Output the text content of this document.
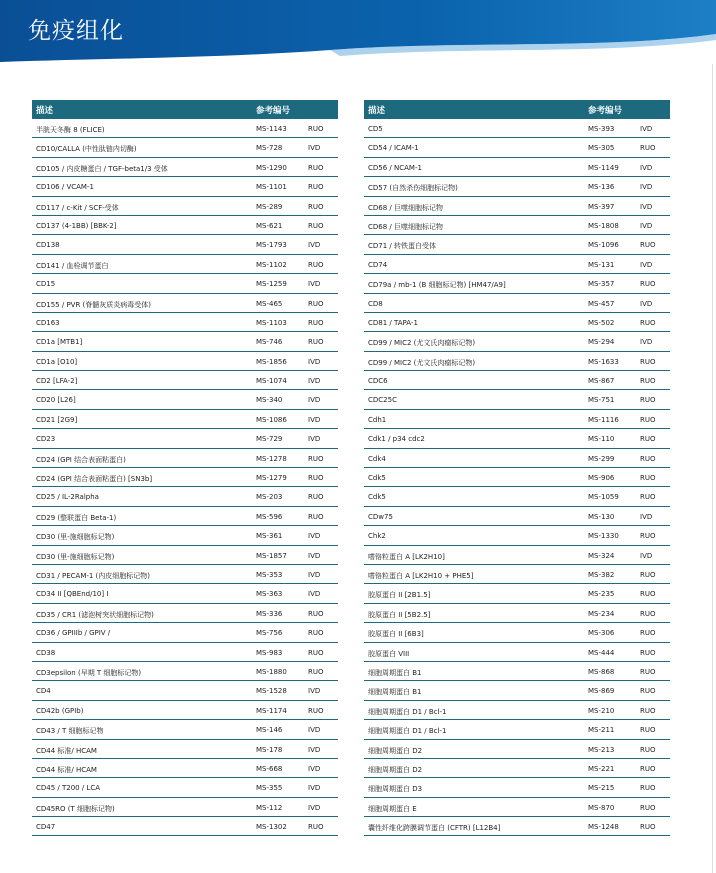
免疫组化
描述	参考编号
半胱天冬酶 8 (FLICE)	MS-1143	RUO
CD10/CALLA (中性肽链内切酶)	MS-728	IVD
CD105 / 内皮糖蛋白 / TGF-beta1/3 受体	MS-1290	RUO
CD106 / VCAM-1	MS-1101	RUO
CD117 / c-Kit / SCF-受体	MS-289	RUO
CD137 (4-1BB) [BBK-2]	MS-621	RUO
CD138	MS-1793	IVD
CD141 / 血栓调节蛋白	MS-1102	RUO
CD15	MS-1259	IVD
CD155 / PVR (脊髓灰质炎病毒受体)	MS-465	RUO
CD163	MS-1103	RUO
CD1a [MTB1]	MS-746	RUO
CD1a [O10]	MS-1856	IVD
CD2 [LFA-2]	MS-1074	IVD
CD20 [L26]	MS-340	IVD
CD21 [2G9]	MS-1086	IVD
CD23	MS-729	IVD
CD24 (GPI 结合表面粘蛋白)	MS-1278	RUO
CD24 (GPI 结合表面粘蛋白) [SN3b]	MS-1279	RUO
CD25 / IL-2Ralpha	MS-203	RUO
CD29 (整联蛋白 Beta-1)	MS-596	RUO
CD30 (里-施细胞标记物)	MS-361	IVD
CD30 (里-施细胞标记物)	MS-1857	IVD
CD31 / PECAM-1 (内皮细胞标记物)	MS-353	IVD
CD34 II [QBEnd/10] I	MS-363	IVD
CD35 / CR1 (滤泡树突状细胞标记物)	MS-336	RUO
CD36 / GPIIIb / GPIV /	MS-756	RUO
CD38	MS-983	RUO
CD3epsilon (早期 T 细胞标记物)	MS-1880	RUO
CD4	MS-1528	IVD
CD42b (GPIb)	MS-1174	RUO
CD43 / T 细胞标记物	MS-146	IVD
CD44 标准/ HCAM	MS-178	IVD
CD44 标准/ HCAM	MS-668	IVD
CD45 / T200 / LCA	MS-355	IVD
CD45RO (T 细胞标记物)	MS-112	IVD
CD47	MS-1302	RUO
描述	参考编号
CD5	MS-393	IVD
CD54 / ICAM-1	MS-305	RUO
CD56 / NCAM-1	MS-1149	IVD
CD57 (自然杀伤细胞标记物)	MS-136	IVD
CD68 / 巨噬细胞标记物	MS-397	IVD
CD68 / 巨噬细胞标记物	MS-1808	IVD
CD71 / 转铁蛋白受体	MS-1096	RUO
CD74	MS-131	IVD
CD79a / mb-1 (B 细胞标记物) [HM47/A9]	MS-357	RUO
CD8	MS-457	IVD
CD81 / TAPA-1	MS-502	RUO
CD99 / MIC2 (尤文氏肉瘤标记物)	MS-294	IVD
CD99 / MIC2 (尤文氏肉瘤标记物)	MS-1633	RUO
CDC6	MS-867	RUO
CDC25C	MS-751	RUO
Cdh1	MS-1116	RUO
Cdk1 / p34 cdc2	MS-110	RUO
Cdk4	MS-299	RUO
Cdk5	MS-906	RUO
Cdk5	MS-1059	RUO
CDw75	MS-130	IVD
Chk2	MS-1330	RUO
嗜铬粒蛋白 A [LK2H10]	MS-324	IVD
嗜铬粒蛋白 A [LK2H10 + PHE5]	MS-382	RUO
胶原蛋白 II [2B1.5]	MS-235	RUO
胶原蛋白 II [5B2.5]	MS-234	RUO
胶原蛋白 II [6B3]	MS-306	RUO
胶原蛋白 VIII	MS-444	RUO
细胞周期蛋白 B1	MS-868	RUO
细胞周期蛋白 B1	MS-869	RUO
细胞周期蛋白 D1 / Bcl-1	MS-210	RUO
细胞周期蛋白 D1 / Bcl-1	MS-211	RUO
细胞周期蛋白 D2	MS-213	RUO
细胞周期蛋白 D2	MS-221	RUO
细胞周期蛋白 D3	MS-215	RUO
细胞周期蛋白 E	MS-870	RUO
囊性纤维化跨膜调节蛋白 (CFTR) [L12B4]	MS-1248	RUO
